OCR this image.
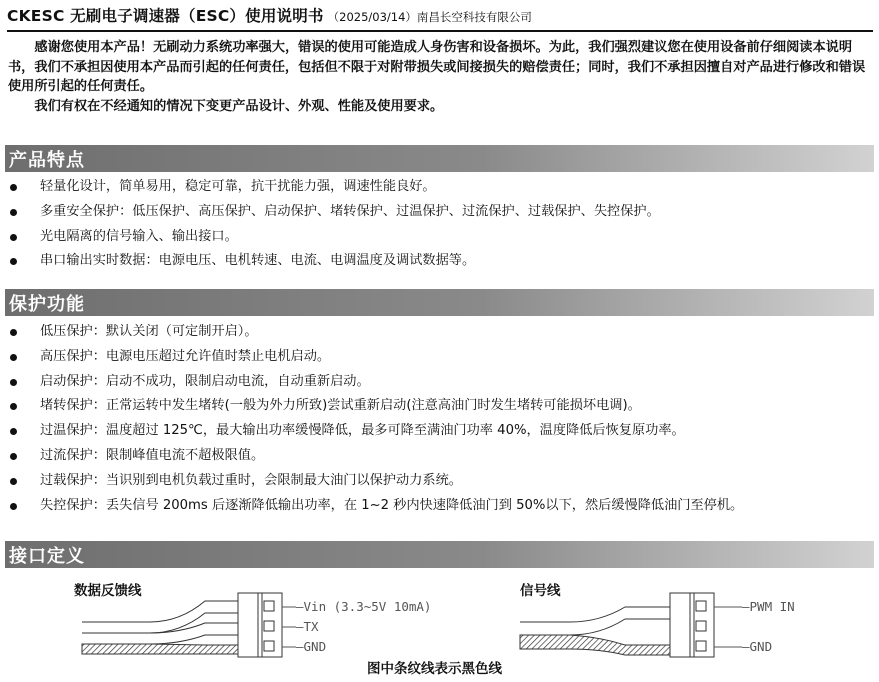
CKESC 无刷电子调速器（ESC）使用说明书 （2025/03/14）南昌长空科技有限公司

感谢您使用本产品！无刷动力系统功率强大，错误的使用可能造成人身伤害和设备损坏。为此，我们强烈建议您在使用设备前仔细阅读本说明书，我们不承担因使用本产品而引起的任何责任，包括但不限于对附带损失或间接损失的赔偿责任；同时，我们不承担因擅自对产品进行修改和错误使用所引起的任何责任。

我们有权在不经通知的情况下变更产品设计、外观、性能及使用要求。

产品特点
轻量化设计，简单易用，稳定可靠，抗干扰能力强，调速性能良好。
多重安全保护：低压保护、高压保护、启动保护、堵转保护、过温保护、过流保护、过载保护、失控保护。
光电隔离的信号输入、输出接口。
串口输出实时数据：电源电压、电机转速、电流、电调温度及调试数据等。
保护功能
低压保护：默认关闭（可定制开启）。
高压保护：电源电压超过允许值时禁止电机启动。
启动保护：启动不成功，限制启动电流，自动重新启动。
堵转保护：正常运转中发生堵转(一般为外力所致)尝试重新启动(注意高油门时发生堵转可能损坏电调)。
过温保护：温度超过 125℃，最大输出功率缓慢降低，最多可降至满油门功率 40%，温度降低后恢复原功率。
过流保护：限制峰值电流不超极限值。
过载保护：当识别到电机负载过重时，会限制最大油门以保护动力系统。
失控保护：丢失信号 200ms 后逐渐降低输出功率，在 1~2 秒内快速降低油门到 50%以下，然后缓慢降低油门至停机。
接口定义
数据反馈线
—Vin (3.3~5V 10mA)
—TX
—GND
信号线
—PWM IN
—GND
图中条纹线表示黑色线
